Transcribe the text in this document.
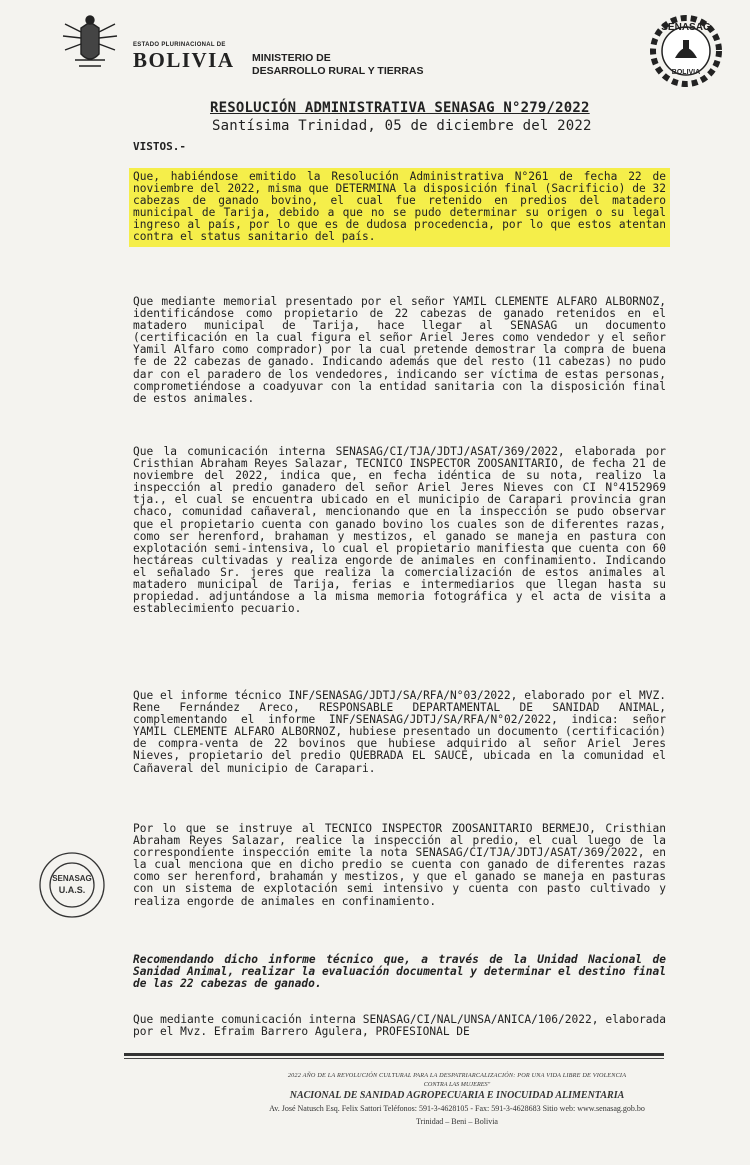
ESTADO PLURINACIONAL DE
BOLIVIA MINISTERIO DE
DESARROLLO RURAL Y TIERRAS
SENASAG
BOLIVIA
RESOLUCIÓN ADMINISTRATIVA SENASAG N°279/2022
Santísima Trinidad, 05 de diciembre del 2022
VISTOS.-

Que, habiéndose emitido la Resolución Administrativa N°261 de fecha 22 de noviembre del 2022, misma que DETERMINA la disposición final (Sacrificio) de 32 cabezas de ganado bovino, el cual fue retenido en predios del matadero municipal de Tarija, debido a que no se pudo determinar su origen o su legal ingreso al país, por lo que es de dudosa procedencia, por lo que estos atentan contra el status sanitario del país.

Que mediante memorial presentado por el señor YAMIL CLEMENTE ALFARO ALBORNOZ, identificándose como propietario de 22 cabezas de ganado retenidos en el matadero municipal de Tarija, hace llegar al SENASAG un documento (certificación en la cual figura el señor Ariel Jeres como vendedor y el señor Yamil Alfaro como comprador) por la cual pretende demostrar la compra de buena fe de 22 cabezas de ganado. Indicando además que del resto (11 cabezas) no pudo dar con el paradero de los vendedores, indicando ser víctima de estas personas, comprometiéndose a coadyuvar con la entidad sanitaria con la disposición final de estos animales.

Que la comunicación interna SENASAG/CI/TJA/JDTJ/ASAT/369/2022, elaborada por Cristhian Abraham Reyes Salazar, TECNICO INSPECTOR ZOOSANITARIO, de fecha 21 de noviembre del 2022, indica que, en fecha idéntica de su nota, realizo la inspección al predio ganadero del señor Ariel Jeres Nieves con CI N°4152969 tja., el cual se encuentra ubicado en el municipio de Carapari provincia gran chaco, comunidad cañaveral, mencionando que en la inspección se pudo observar que el propietario cuenta con ganado bovino los cuales son de diferentes razas, como ser herenford, brahaman y mestizos, el ganado se maneja en pastura con explotación semi-intensiva, lo cual el propietario manifiesta que cuenta con 60 hectáreas cultivadas y realiza engorde de animales en confinamiento. Indicando el señalado Sr. jeres que realiza la comercialización de estos animales al matadero municipal de Tarija, ferias e intermediarios que llegan hasta su propiedad. adjuntándose a la misma memoria fotográfica y el acta de visita a establecimiento pecuario.

Que el informe técnico INF/SENASAG/JDTJ/SA/RFA/N°03/2022, elaborado por el MVZ. Rene Fernández Areco, RESPONSABLE DEPARTAMENTAL DE SANIDAD ANIMAL, complementando el informe INF/SENASAG/JDTJ/SA/RFA/N°02/2022, indica: señor YAMIL CLEMENTE ALFARO ALBORNOZ, hubiese presentado un documento (certificación) de compra-venta de 22 bovinos que hubiese adquirido al señor Ariel Jeres Nieves, propietario del predio QUEBRADA EL SAUCE, ubicada en la comunidad el Cañaveral del municipio de Carapari.

Por lo que se instruye al TECNICO INSPECTOR ZOOSANITARIO BERMEJO, Cristhian Abraham Reyes Salazar, realice la inspección al predio, el cual luego de la correspondiente inspección emite la nota SENASAG/CI/TJA/JDTJ/ASAT/369/2022, en la cual menciona que en dicho predio se cuenta con ganado de diferentes razas como ser herenford, brahamán y mestizos, y que el ganado se maneja en pasturas con un sistema de explotación semi intensivo y cuenta con pasto cultivado y realiza engorde de animales en confinamiento.

Recomendando dicho informe técnico que, a través de la Unidad Nacional de Sanidad Animal, realizar la evaluación documental y determinar el destino final de las 22 cabezas de ganado.

Que mediante comunicación interna SENASAG/CI/NAL/UNSA/ANICA/106/2022, elaborada por el Mvz. Efraim Barrero Agulera, PROFESIONAL DE

SENASAG
U.A.S.
2022 AÑO DE LA REVOLUCIÓN CULTURAL PARA LA DESPATRIARCALIZACIÓN: POR UNA VIDA LIBRE DE VIOLENCIA
CONTRA LAS MUJERES"
NACIONAL DE SANIDAD AGROPECUARIA E INOCUIDAD ALIMENTARIA
Av. José Natusch Esq. Felix Sattori Teléfonos: 591-3-4628105 - Fax: 591-3-4628683 Sitio web: www.senasag.gob.bo
Trinidad – Beni – Bolivia
